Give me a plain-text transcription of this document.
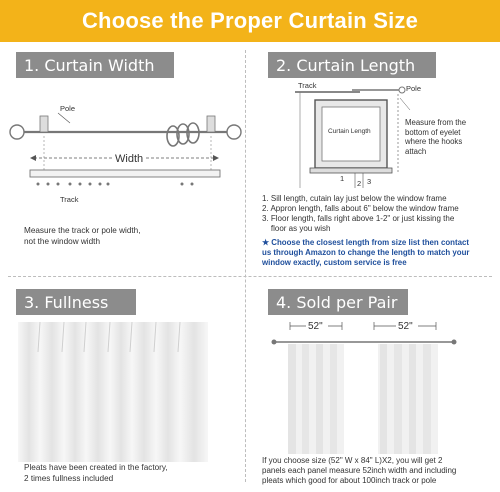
Choose the Proper Curtain Size
1. Curtain Width
Pole
Width
Track
Measure the track or pole width,
not the window width
2. Curtain Length
Track	Pole
Curtain Length
1
2 3
Measure from the
bottom of eyelet
where the hooks
attach
1. Sill length, cutain lay just below the window frame
2. Appron length, falls about 6" below the window frame
3. Floor length, falls right above 1-2" or just kissing the
floor as you wish
★ Choose the closest length from size list then contact
us through Amazon to change the length to match your
window exactly, custom service is free
3. Fullness
Pleats have been created in the factory,
2 times fullness included
4. Sold per Pair
52"	52"
If you choose size (52" W x 84" L)X2, you will get 2
panels each panel measure 52inch width and including
pleats which good for about 100inch track or pole
